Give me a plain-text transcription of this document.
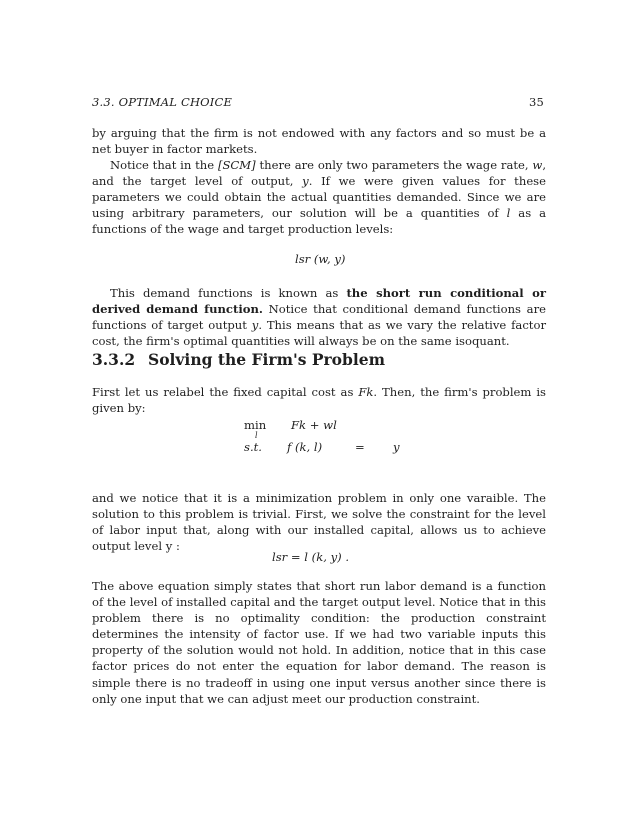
3.3. OPTIMAL CHOICE	35

by arguing that the firm is not endowed with any factors and so must be a net buyer in factor markets.

Notice that in the [SCM] there are only two parameters the wage rate, w, and the target level of output, y. If we were given values for these parameters we could obtain the actual quantities demanded. Since we are using arbitrary parameters, our solution will be a quantities of l as a functions of the wage and target production levels:

lsr (w, y)

This demand functions is known as the short run conditional or derived demand function. Notice that conditional demand functions are functions of target output y. This means that as we vary the relative factor cost, the firm's optimal quantities will always be on the same isoquant.

3.3.2 Solving the Firm's Problem

First let us relabel the fixed capital cost as Fk. Then, the firm's problem is given by:

min
l
Fk + wl
s.t. f (k, l)	= y

and we notice that it is a minimization problem in only one varaible. The solution to this problem is trivial. First, we solve the constraint for the level of labor input that, along with our installed capital, allows us to achieve output level y :

lsr = l (k, y) .

The above equation simply states that short run labor demand is a function of the level of installed capital and the target output level. Notice that in this problem there is no optimality condition: the production constraint determines the intensity of factor use. If we had two variable inputs this property of the solution would not hold. In addition, notice that in this case factor prices do not enter the equation for labor demand. The reason is simple there is no tradeoff in using one input versus another since there is only one input that we can adjust meet our production constraint.
